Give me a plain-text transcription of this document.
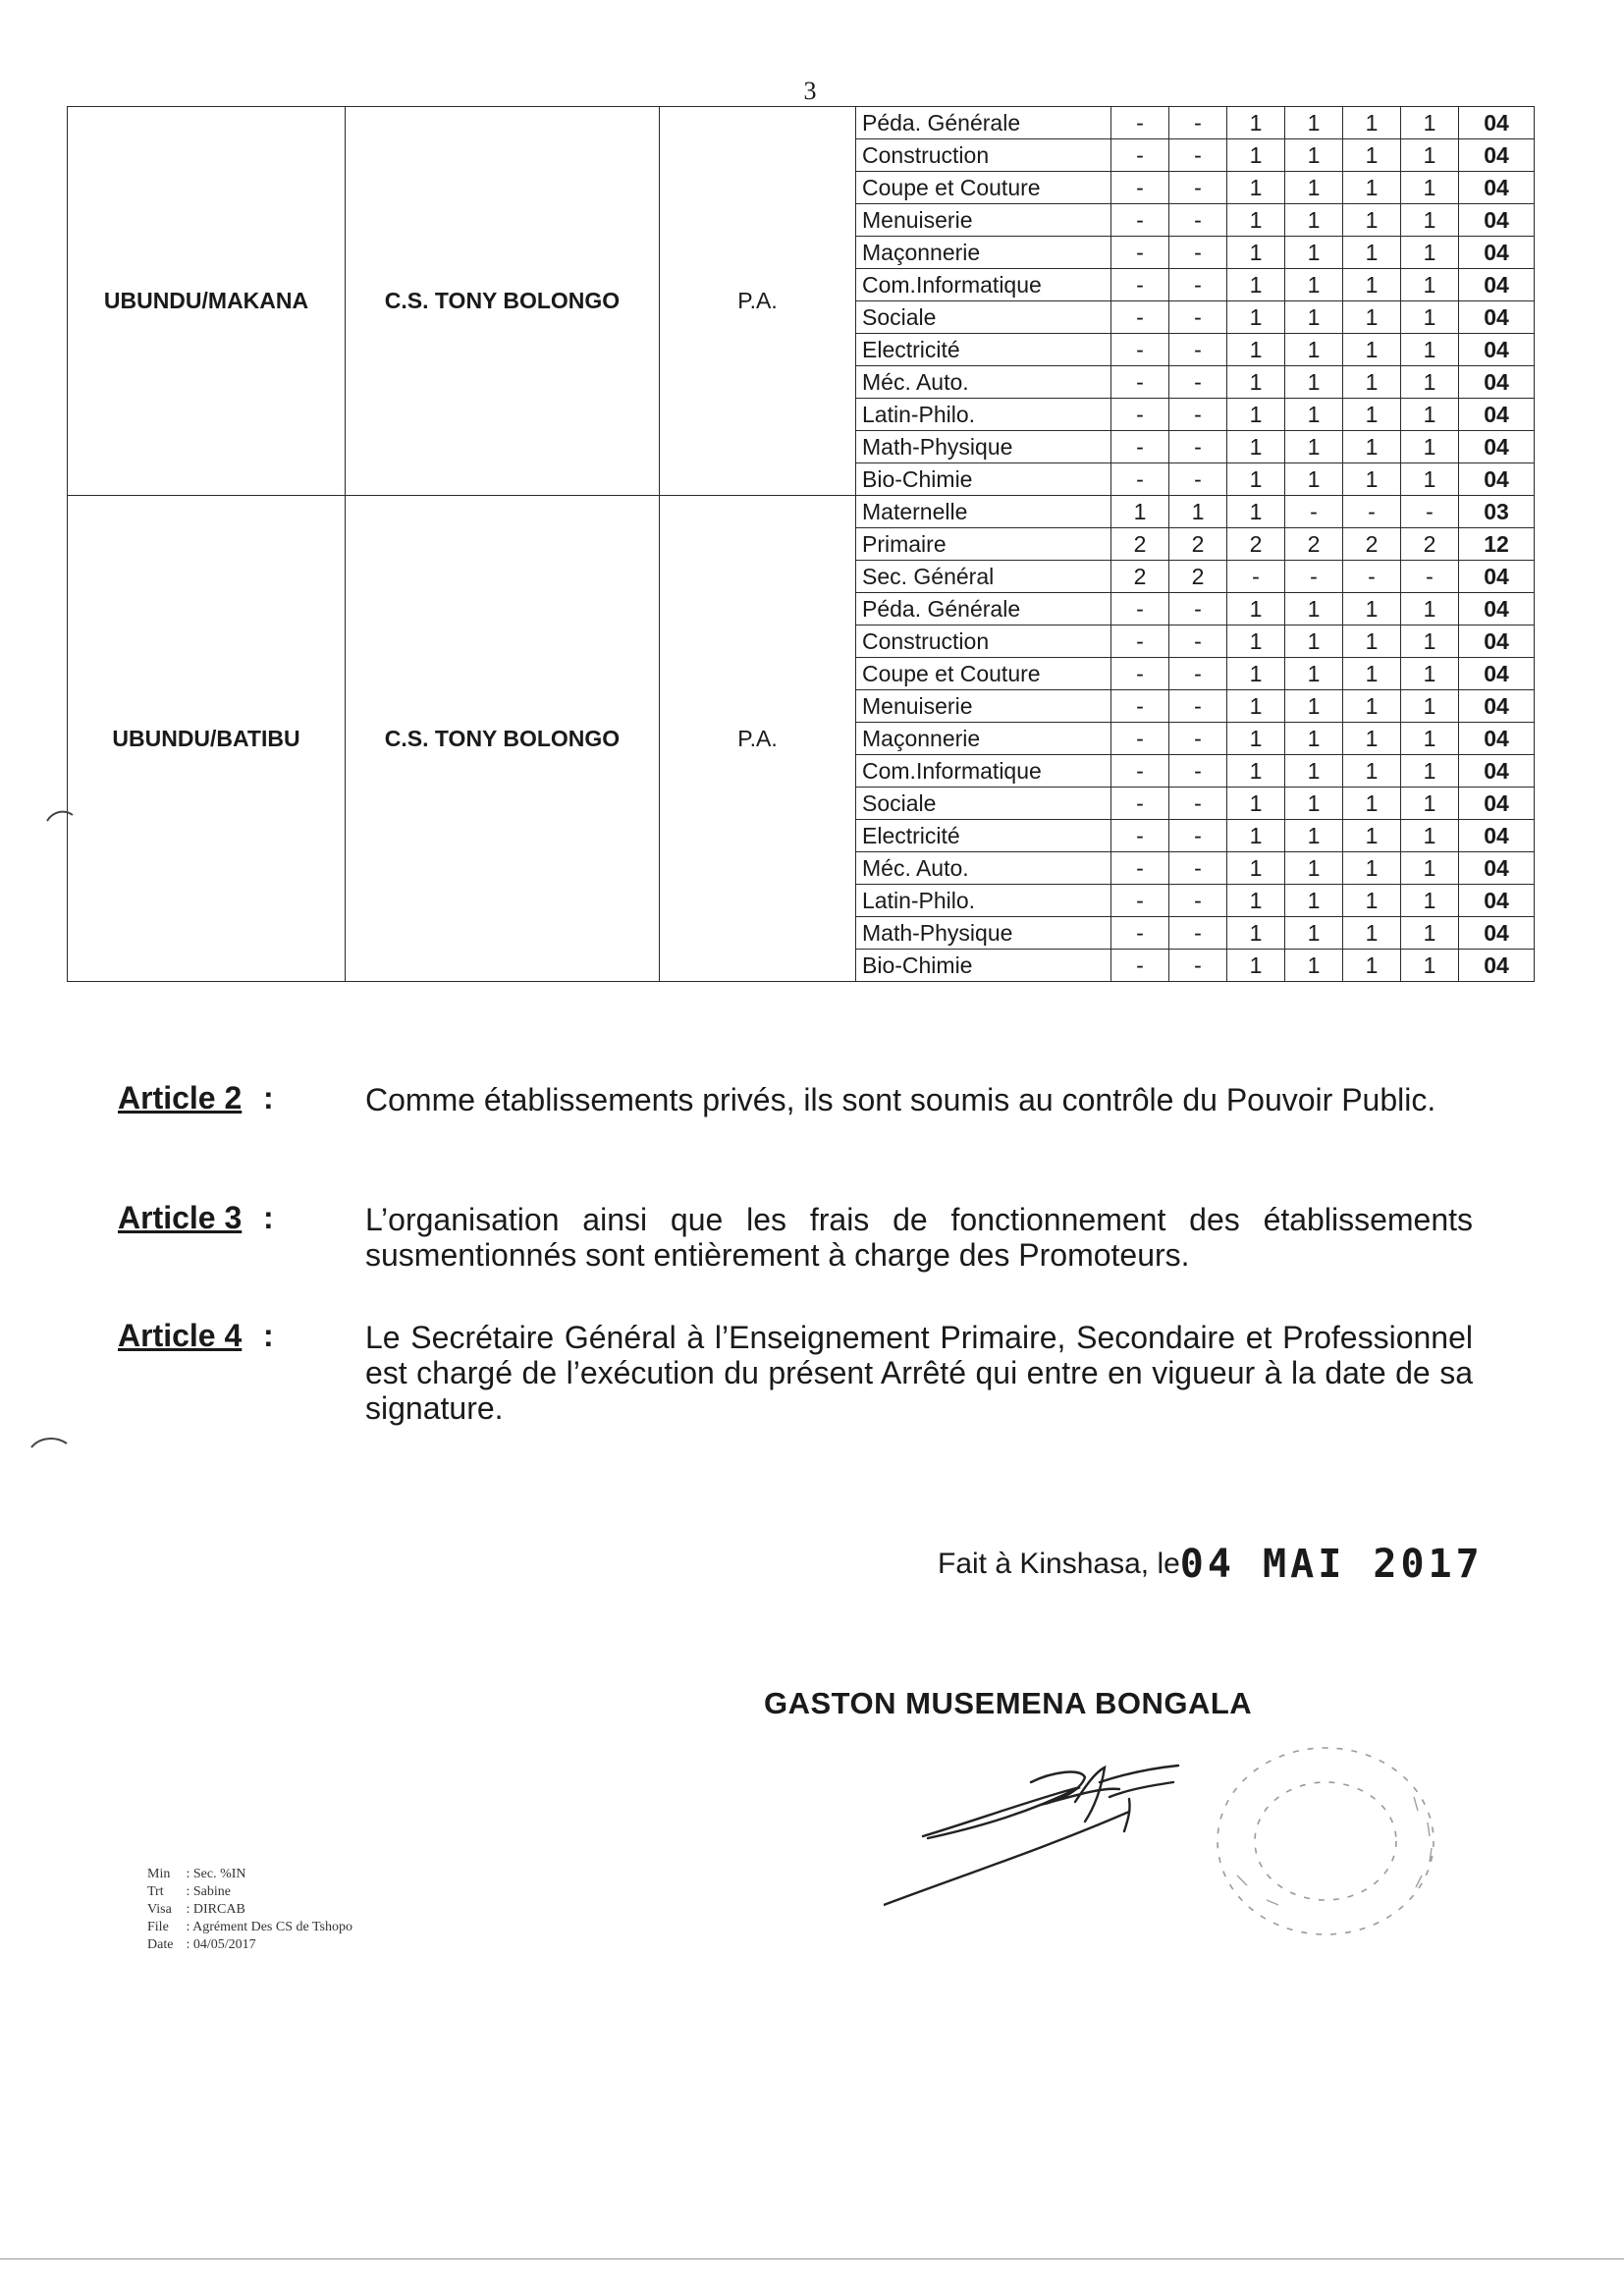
3
UBUNDU/MAKANA	C.S. TONY BOLONGO	P.A.	Péda. Générale	-	-	1	1	1	1	04
			Construction	-	-	1	1	1	1	04
			Coupe et Couture	-	-	1	1	1	1	04
			Menuiserie	-	-	1	1	1	1	04
			Maçonnerie	-	-	1	1	1	1	04
			Com.Informatique	-	-	1	1	1	1	04
			Sociale	-	-	1	1	1	1	04
			Electricité	-	-	1	1	1	1	04
			Méc. Auto.	-	-	1	1	1	1	04
			Latin-Philo.	-	-	1	1	1	1	04
			Math-Physique	-	-	1	1	1	1	04
			Bio-Chimie	-	-	1	1	1	1	04
UBUNDU/BATIBU	C.S. TONY BOLONGO	P.A.	Maternelle	1	1	1	-	-	-	03
			Primaire	2	2	2	2	2	2	12
			Sec. Général	2	2	-	-	-	-	04
			Péda. Générale	-	-	1	1	1	1	04
			Construction	-	-	1	1	1	1	04
			Coupe et Couture	-	-	1	1	1	1	04
			Menuiserie	-	-	1	1	1	1	04
			Maçonnerie	-	-	1	1	1	1	04
			Com.Informatique	-	-	1	1	1	1	04
			Sociale	-	-	1	1	1	1	04
			Electricité	-	-	1	1	1	1	04
			Méc. Auto.	-	-	1	1	1	1	04
			Latin-Philo.	-	-	1	1	1	1	04
			Math-Physique	-	-	1	1	1	1	04
			Bio-Chimie	-	-	1	1	1	1	04
Article 2 :	Comme établissements privés, ils sont soumis au contrôle du Pouvoir Public.
Article 3 :	L’organisation ainsi que les frais de fonctionnement des établissements susmentionnés sont entièrement à charge des Promoteurs.
Article 4 :	Le Secrétaire Général à l’Enseignement Primaire, Secondaire et Professionnel est chargé de l’exécution du présent Arrêté qui entre en vigueur à la date de sa signature.
Fait à Kinshasa, le04 MAI 2017
GASTON MUSEMENA BONGALA
Min : Sec. %IN
Trt : Sabine
Visa : DIRCAB
File : Agrément Des CS de Tshopo
Date : 04/05/2017
